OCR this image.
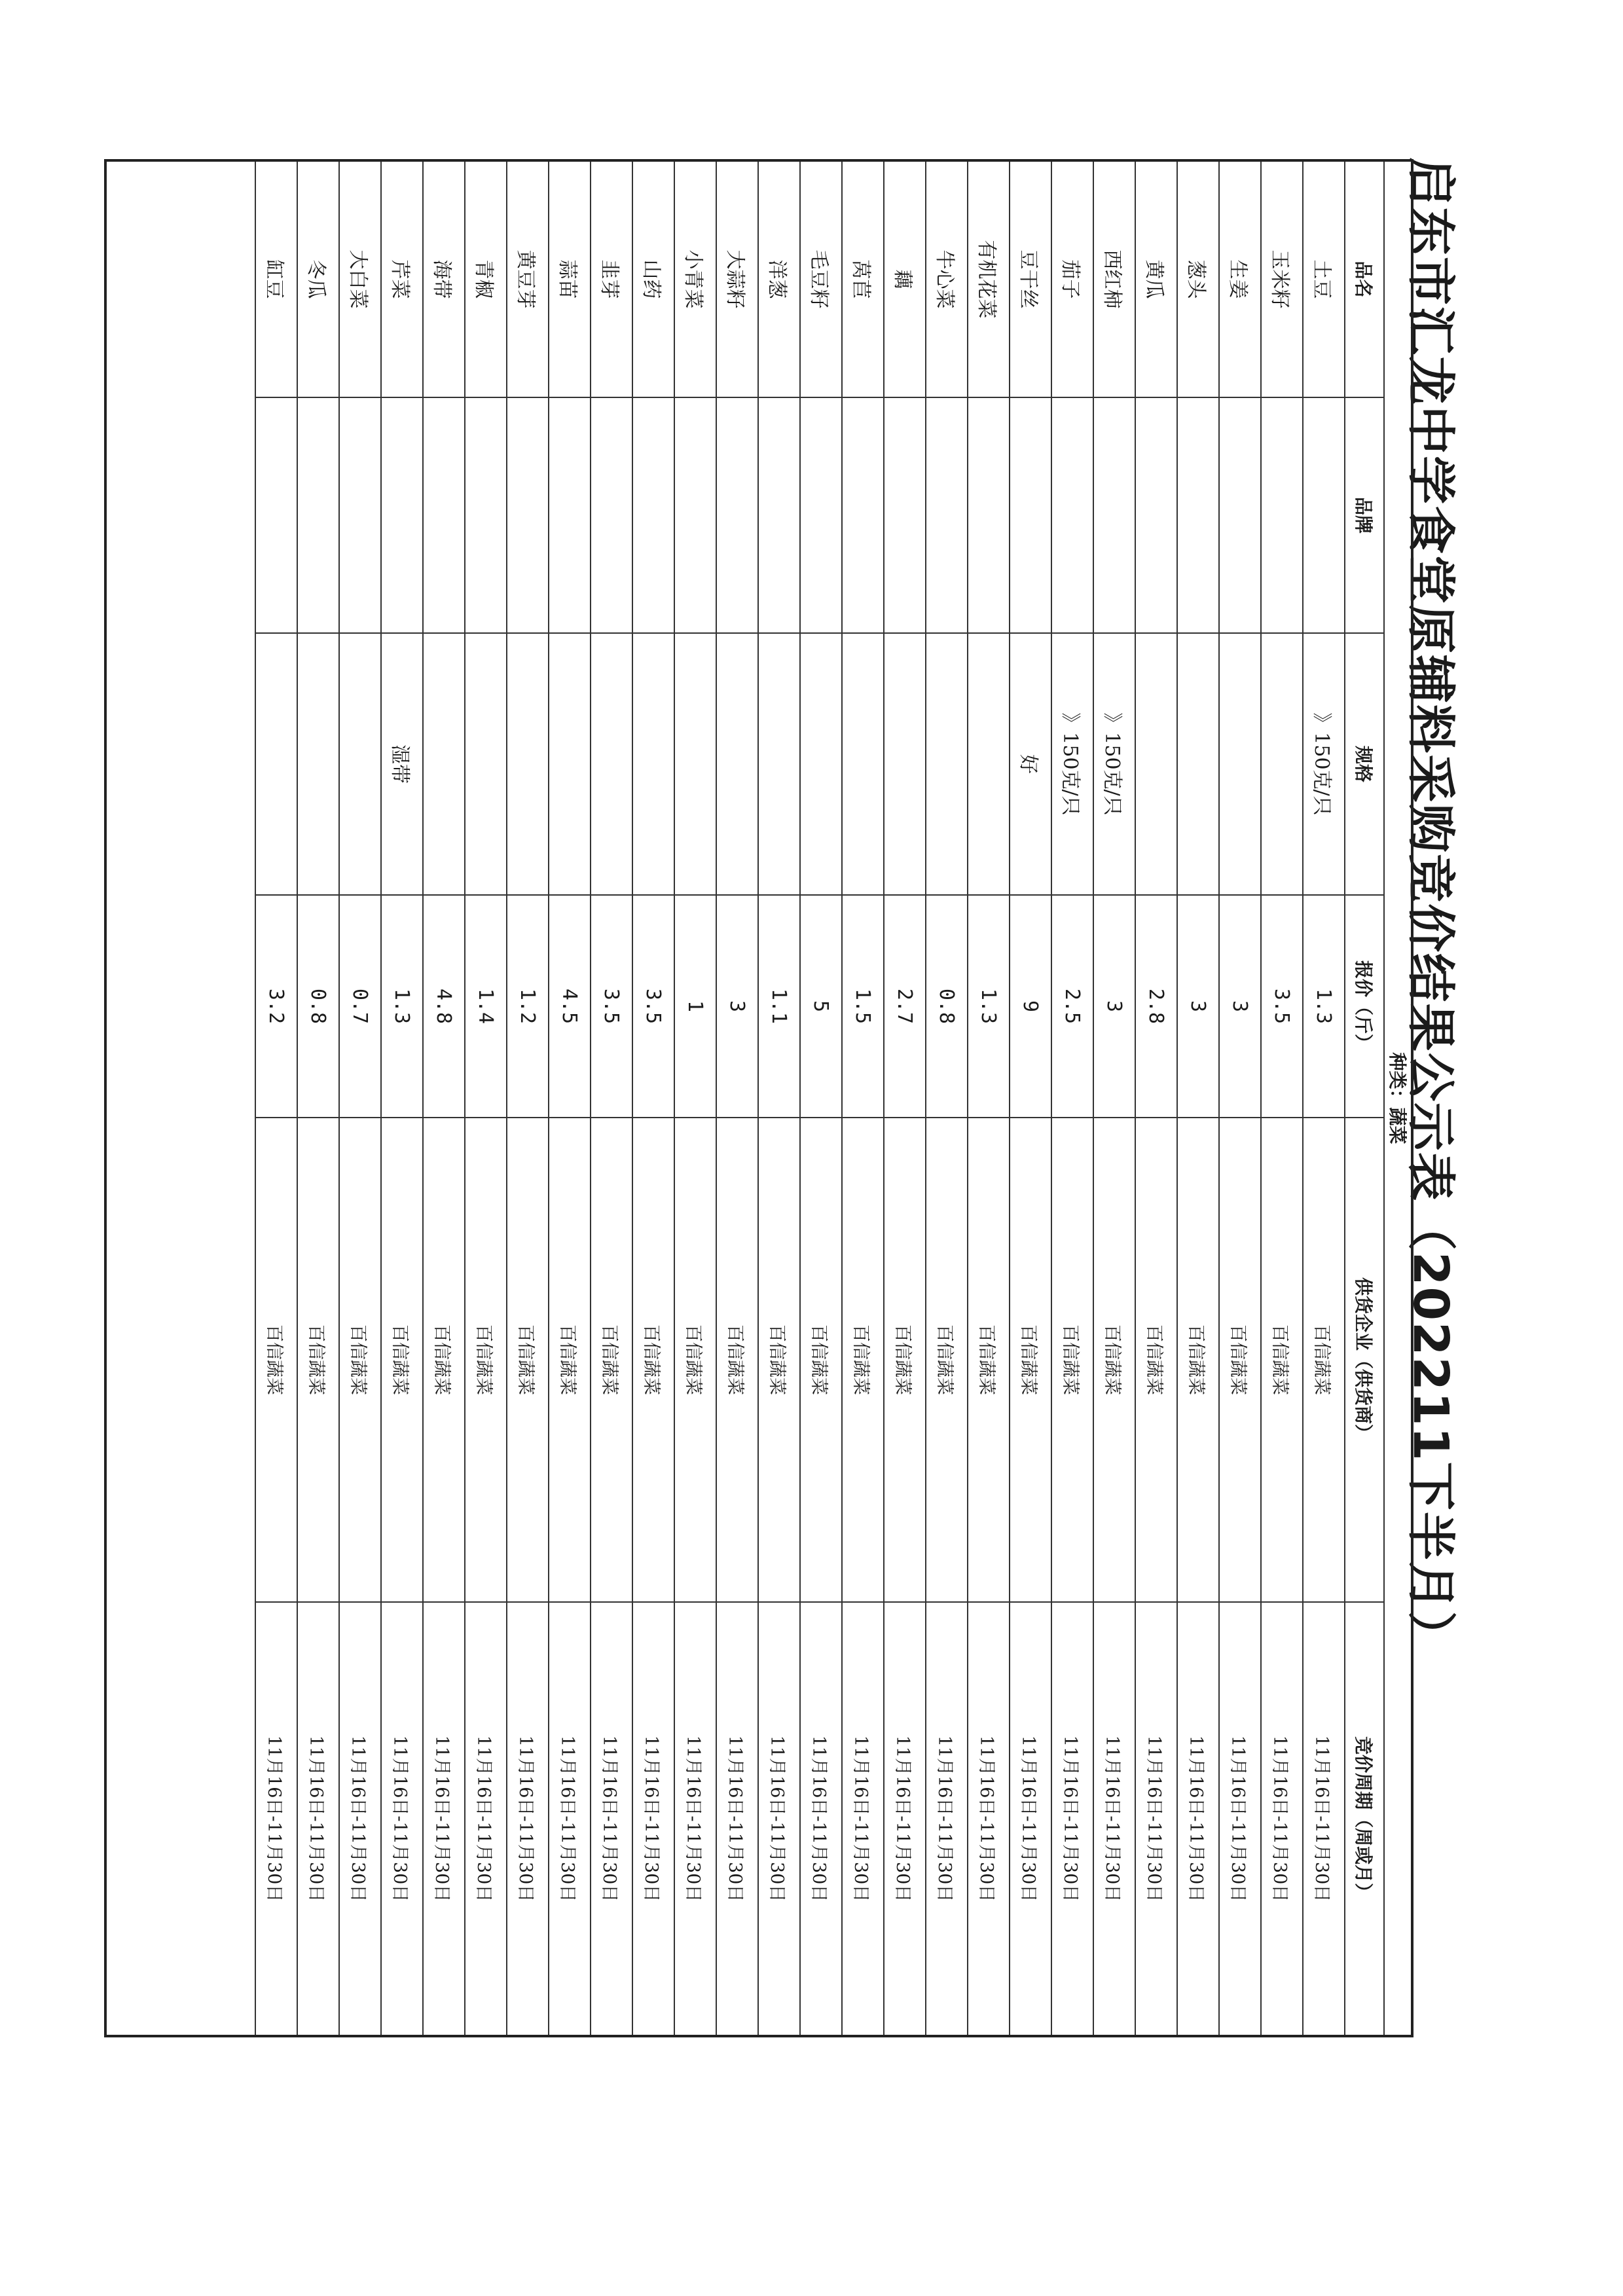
启东市汇龙中学食堂原辅料采购竞价结果公示表（202211下半月）
种类：蔬菜
品名	品牌	规格	报价（斤）	供货企业（供货商）	竞价周期（周或月）
土豆		》150克/只	1.3	百信蔬菜	11月16日-11月30日
玉米籽			3.5	百信蔬菜	11月16日-11月30日
生姜			3	百信蔬菜	11月16日-11月30日
葱头			3	百信蔬菜	11月16日-11月30日
黄瓜			2.8	百信蔬菜	11月16日-11月30日
西红柿		》150克/只	3	百信蔬菜	11月16日-11月30日
茄子		》150克/只	2.5	百信蔬菜	11月16日-11月30日
豆干丝		好	9	百信蔬菜	11月16日-11月30日
有机花菜			1.3	百信蔬菜	11月16日-11月30日
牛心菜			0.8	百信蔬菜	11月16日-11月30日
藕			2.7	百信蔬菜	11月16日-11月30日
莴苣			1.5	百信蔬菜	11月16日-11月30日
毛豆籽			5	百信蔬菜	11月16日-11月30日
洋葱			1.1	百信蔬菜	11月16日-11月30日
大蒜籽			3	百信蔬菜	11月16日-11月30日
小青菜			1	百信蔬菜	11月16日-11月30日
山药			3.5	百信蔬菜	11月16日-11月30日
韭芽			3.5	百信蔬菜	11月16日-11月30日
蒜苗			4.5	百信蔬菜	11月16日-11月30日
黄豆芽			1.2	百信蔬菜	11月16日-11月30日
青椒			1.4	百信蔬菜	11月16日-11月30日
海带			4.8	百信蔬菜	11月16日-11月30日
芹菜		湿带	1.3	百信蔬菜	11月16日-11月30日
大白菜			0.7	百信蔬菜	11月16日-11月30日
冬瓜			0.8	百信蔬菜	11月16日-11月30日
缸豆			3.2	百信蔬菜	11月16日-11月30日
